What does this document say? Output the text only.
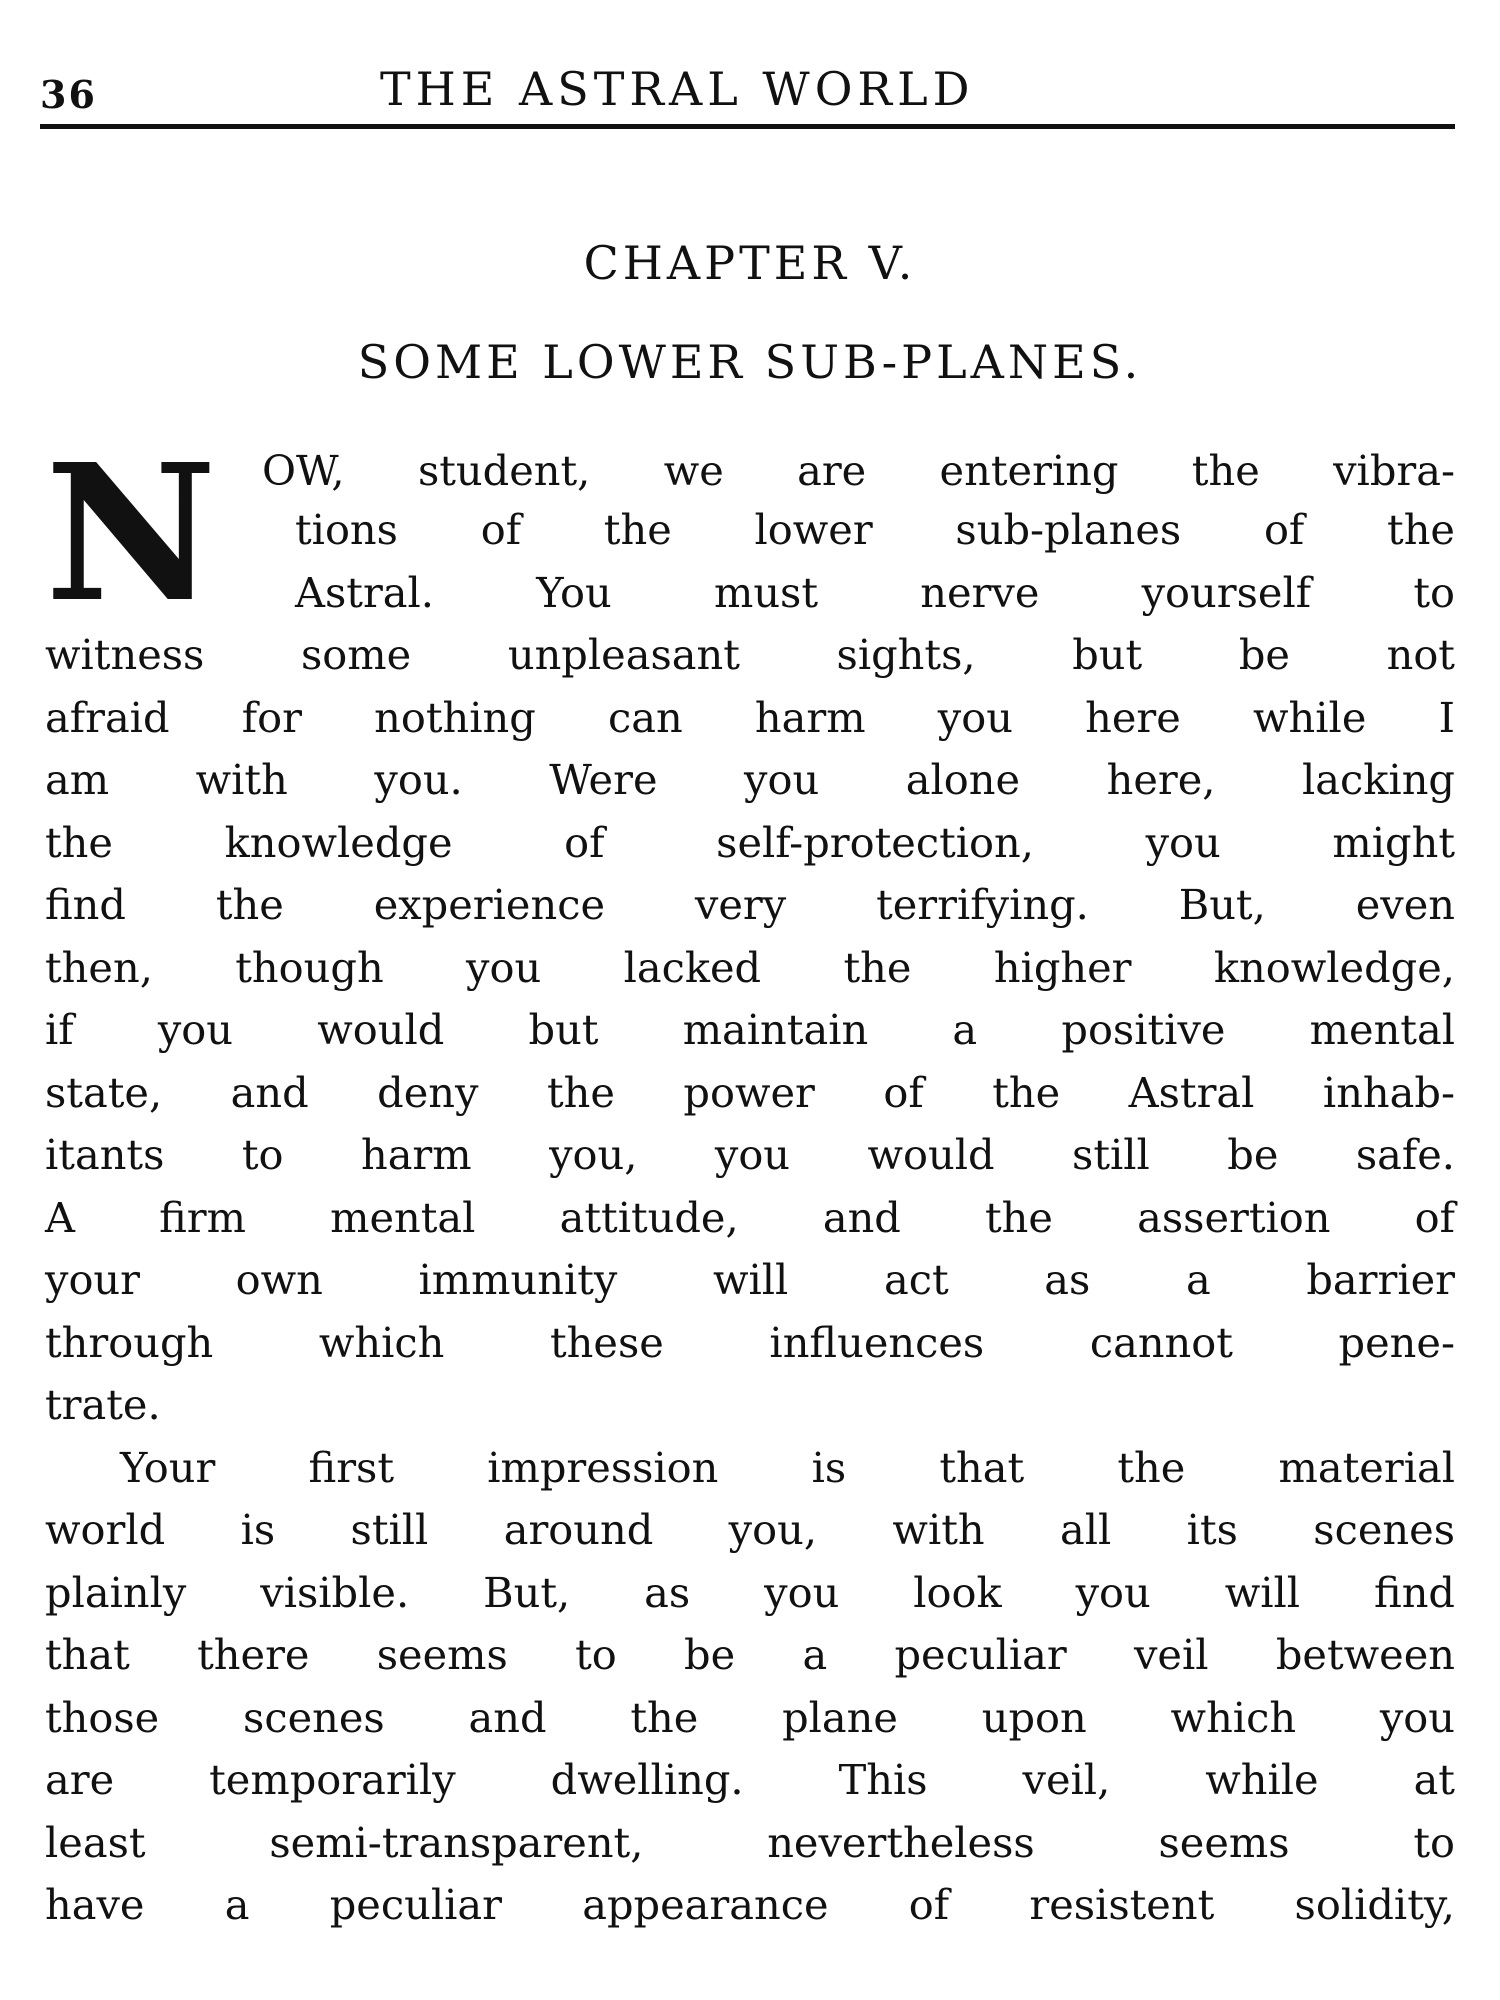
36	THE ASTRAL WORLD
CHAPTER V.
SOME LOWER SUB-PLANES.
N OW, student, we are entering the vibra-
tions of the lower sub-planes of the
Astral. You must nerve yourself to
witness some unpleasant sights, but be not
afraid for nothing can harm you here while I
am with you. Were you alone here, lacking
the knowledge of self-protection, you might
find the experience very terrifying. But, even
then, though you lacked the higher knowledge,
if you would but maintain a positive mental
state, and deny the power of the Astral inhab-
itants to harm you, you would still be safe.
A firm mental attitude, and the assertion of
your own immunity will act as a barrier
through which these influences cannot pene-
trate.
Your first impression is that the material
world is still around you, with all its scenes
plainly visible. But, as you look you will find
that there seems to be a peculiar veil between
those scenes and the plane upon which you
are temporarily dwelling. This veil, while at
least semi-transparent, nevertheless seems to
have a peculiar appearance of resistent solidity,
